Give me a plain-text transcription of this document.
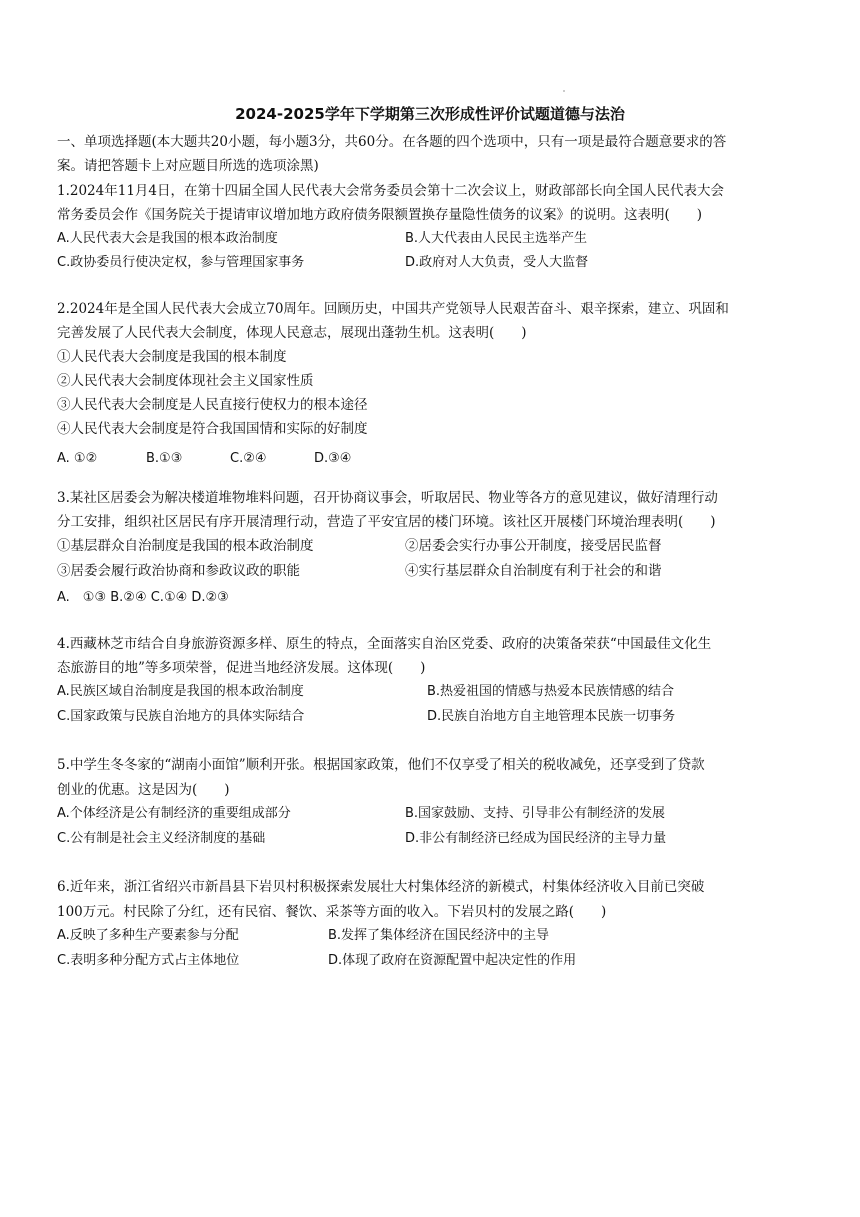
2024-2025学年下学期第三次形成性评价试题道德与法治
一、单项选择题(本大题共20小题，每小题3分，共60分。在各题的四个选项中，只有一项是最符合题意要求的答
案。请把答题卡上对应题目所选的选项涂黑)
1.2024年11月4日，在第十四届全国人民代表大会常务委员会第十二次会议上，财政部部长向全国人民代表大会
常务委员会作《国务院关于提请审议增加地方政府债务限额置换存量隐性债务的议案》的说明。这表明(　　)
A.人民代表大会是我国的根本政治制度	B.人大代表由人民民主选举产生
C.政协委员行使决定权，参与管理国家事务	D.政府对人大负责，受人大监督
2.2024年是全国人民代表大会成立70周年。回顾历史，中国共产党领导人民艰苦奋斗、艰辛探索，建立、巩固和
完善发展了人民代表大会制度，体现人民意志，展现出蓬勃生机。这表明(　　)
①人民代表大会制度是我国的根本制度
②人民代表大会制度体现社会主义国家性质
③人民代表大会制度是人民直接行使权力的根本途径
④人民代表大会制度是符合我国国情和实际的好制度
A. ①②	B.①③	C.②④	D.③④
3.某社区居委会为解决楼道堆物堆料问题，召开协商议事会，听取居民、物业等各方的意见建议，做好清理行动
分工安排，组织社区居民有序开展清理行动，营造了平安宜居的楼门环境。该社区开展楼门环境治理表明(　　)
①基层群众自治制度是我国的根本政治制度	②居委会实行办事公开制度，接受居民监督
③居委会履行政治协商和参政议政的职能	④实行基层群众自治制度有利于社会的和谐
A.　①③ B.②④ C.①④ D.②③
4.西藏林芝市结合自身旅游资源多样、原生的特点，全面落实自治区党委、政府的决策备荣获“中国最佳文化生
态旅游目的地”等多项荣誉，促进当地经济发展。这体现(　　)
A.民族区域自治制度是我国的根本政治制度	B.热爱祖国的情感与热爱本民族情感的结合
C.国家政策与民族自治地方的具体实际结合	D.民族自治地方自主地管理本民族一切事务
5.中学生冬冬家的“湖南小面馆”顺利开张。根据国家政策，他们不仅享受了相关的税收减免，还享受到了贷款
创业的优惠。这是因为(　　)
A.个体经济是公有制经济的重要组成部分	B.国家鼓励、支持、引导非公有制经济的发展
C.公有制是社会主义经济制度的基础	D.非公有制经济已经成为国民经济的主导力量
6.近年来，浙江省绍兴市新昌县下岩贝村积极探索发展壮大村集体经济的新模式，村集体经济收入目前已突破
100万元。村民除了分红，还有民宿、餐饮、采茶等方面的收入。下岩贝村的发展之路(　　)
A.反映了多种生产要素参与分配	B.发挥了集体经济在国民经济中的主导
C.表明多种分配方式占主体地位	D.体现了政府在资源配置中起决定性的作用
